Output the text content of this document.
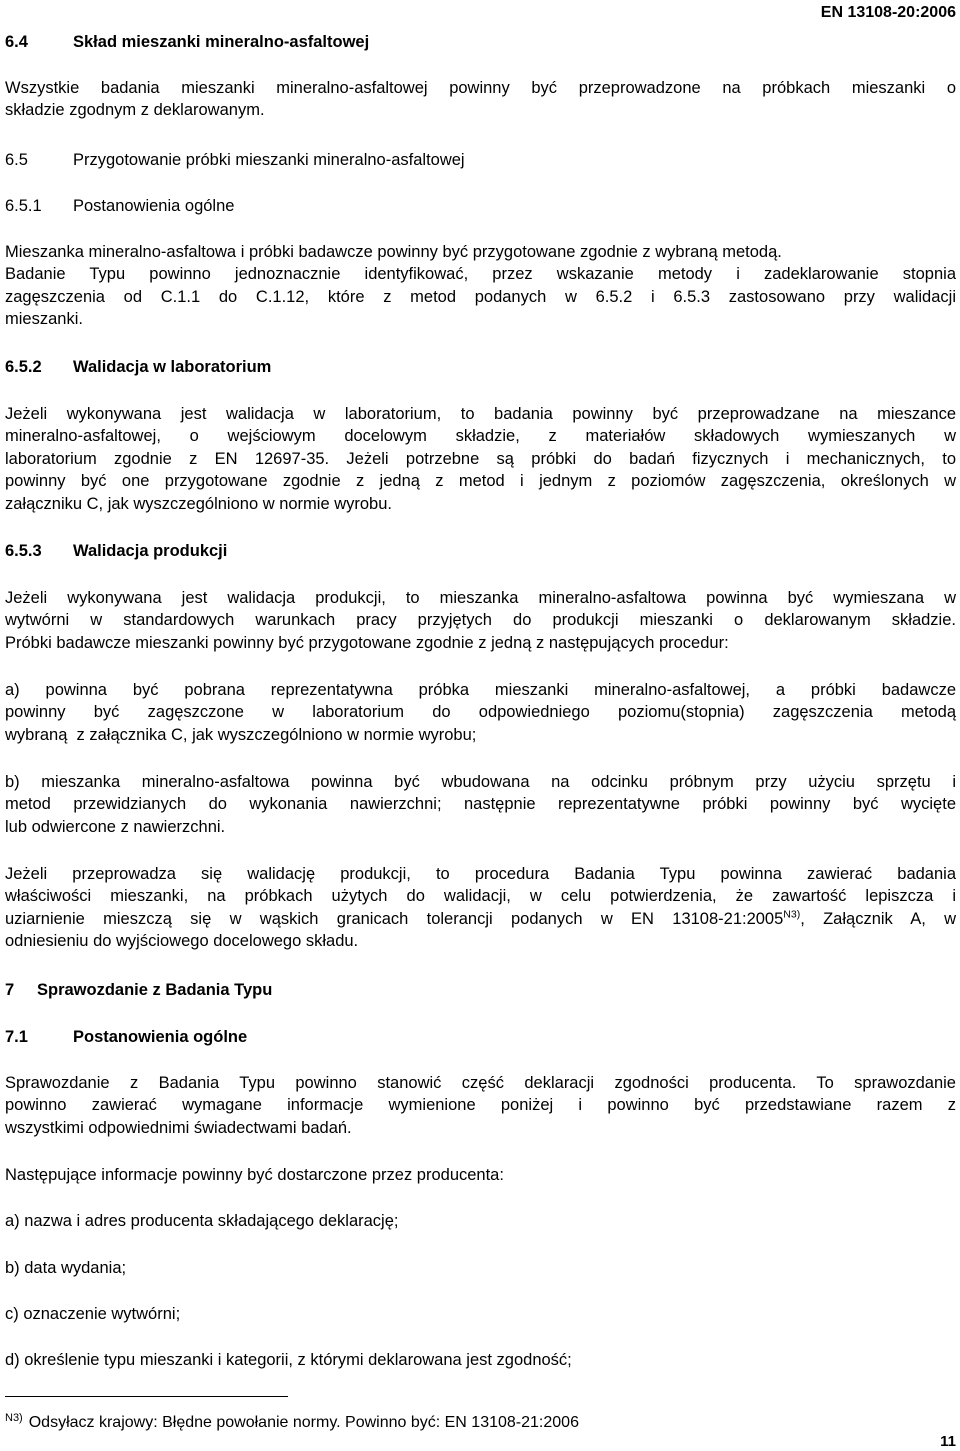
EN 13108-20:2006
6.4	Skład mieszanki mineralno-asfaltowej
Wszystkie badania mieszanki mineralno-asfaltowej powinny być przeprowadzone na próbkach mieszanki o
składzie zgodnym z deklarowanym.
6.5	Przygotowanie próbki mieszanki mineralno-asfaltowej
6.5.1 Postanowienia ogólne
Mieszanka mineralno-asfaltowa i próbki badawcze powinny być przygotowane zgodnie z wybraną metodą.
Badanie Typu powinno jednoznacznie identyfikować, przez wskazanie metody i zadeklarowanie stopnia
zagęszczenia od C.1.1 do C.1.12, które z metod podanych w 6.5.2 i 6.5.3 zastosowano przy walidacji
mieszanki.
6.5.2 Walidacja w laboratorium
Jeżeli wykonywana jest walidacja w laboratorium, to badania powinny być przeprowadzane na mieszance
mineralno-asfaltowej, o wejściowym docelowym składzie, z materiałów składowych wymieszanych w
laboratorium zgodnie z EN 12697-35. Jeżeli potrzebne są próbki do badań fizycznych i mechanicznych, to
powinny być one przygotowane zgodnie z jedną z metod i jednym z poziomów zagęszczenia, określonych w
załączniku C, jak wyszczególniono w normie wyrobu.
6.5.3 Walidacja produkcji
Jeżeli wykonywana jest walidacja produkcji, to mieszanka mineralno-asfaltowa powinna być wymieszana w
wytwórni w standardowych warunkach pracy przyjętych do produkcji mieszanki o deklarowanym składzie.
Próbki badawcze mieszanki powinny być przygotowane zgodnie z jedną z następujących procedur:
a) powinna być pobrana reprezentatywna próbka mieszanki mineralno-asfaltowej, a próbki badawcze
powinny być zagęszczone w laboratorium do odpowiedniego poziomu(stopnia) zagęszczenia metodą
wybraną  z załącznika C, jak wyszczególniono w normie wyrobu;
b) mieszanka mineralno-asfaltowa powinna być wbudowana na odcinku próbnym przy użyciu sprzętu i
metod przewidzianych do wykonania nawierzchni; następnie reprezentatywne próbki powinny być wycięte
lub odwiercone z nawierzchni.
Jeżeli przeprowadza się walidację produkcji, to procedura Badania Typu powinna zawierać badania
właściwości mieszanki, na próbkach użytych do walidacji, w celu potwierdzenia, że zawartość lepiszcza i
uziarnienie mieszczą się w wąskich granicach tolerancji podanych w EN $13108-21:2005^{N3)}$, Załącznik A, w
odniesieniu do wyjściowego docelowego składu.
7 Sprawozdanie z Badania Typu
7.1	Postanowienia ogólne
Sprawozdanie z Badania Typu powinno stanowić część deklaracji zgodności producenta. To sprawozdanie
powinno zawierać wymagane informacje wymienione poniżej i powinno być przedstawiane razem z
wszystkimi odpowiednimi świadectwami badań.
Następujące informacje powinny być dostarczone przez producenta:
a) nazwa i adres producenta składającego deklarację;
b) data wydania;
c) oznaczenie wytwórni;
d) określenie typu mieszanki i kategorii, z którymi deklarowana jest zgodność;
$^{N3)}$ Odsyłacz krajowy: Błędne powołanie normy. Powinno być: EN 13108-21:2006
11
